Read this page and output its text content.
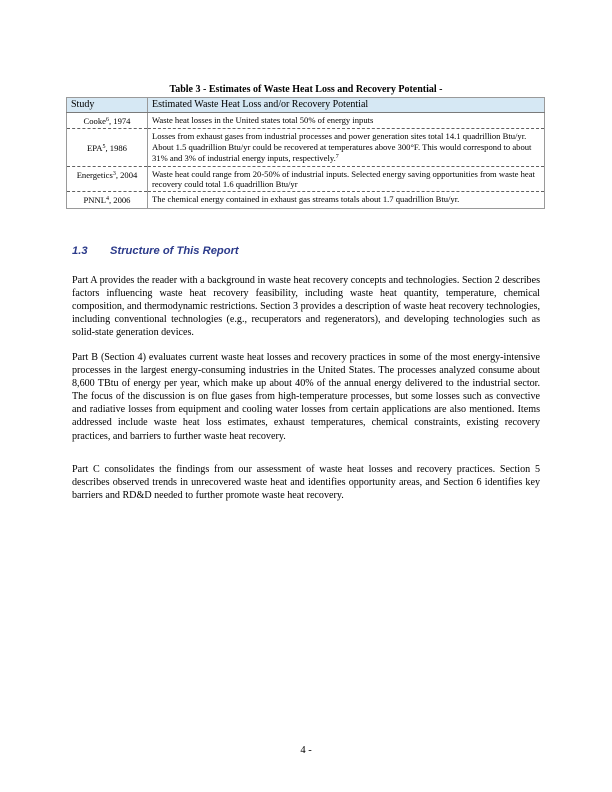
Table 3 - Estimates of Waste Heat Loss and Recovery Potential -
Study	Estimated Waste Heat Loss and/or Recovery Potential
Cooke$^6$, 1974	Waste heat losses in the United states total 50% of energy inputs
EPA$^5$, 1986	Losses from exhaust gases from industrial processes and power generation sites total 14.1 quadrillion Btu/yr. About 1.5 quadrillion Btu/yr could be recovered at temperatures above 300°F. This would correspond to about 31% and 3% of industrial energy inputs, respectively.$^7$
Energetics$^3$, 2004	Waste heat could range from 20-50% of industrial inputs. Selected energy saving opportunities from waste heat recovery could total 1.6 quadrillion Btu/yr
PNNL$^4$, 2006	The chemical energy contained in exhaust gas streams totals about 1.7 quadrillion Btu/yr.
1.3 Structure of This Report

Part A provides the reader with a background in waste heat recovery concepts and technologies. Section 2 describes factors influencing waste heat recovery feasibility, including waste heat quantity, temperature, chemical composition, and thermodynamic restrictions. Section 3 provides a description of waste heat recovery technologies, including conventional technologies (e.g., recuperators and regenerators), and developing technologies such as solid-state generation devices.

Part B (Section 4) evaluates current waste heat losses and recovery practices in some of the most energy-intensive processes in the largest energy-consuming industries in the United States. The processes analyzed consume about 8,600 TBtu of energy per year, which make up about 40% of the annual energy delivered to the industrial sector. The focus of the discussion is on flue gases from high-temperature processes, but some losses such as convective and radiative losses from equipment and cooling water losses from certain applications are also mentioned. Items addressed include waste heat loss estimates, exhaust temperatures, chemical constraints, existing recovery practices, and barriers to further waste heat recovery.

Part C consolidates the findings from our assessment of waste heat losses and recovery practices. Section 5 describes observed trends in unrecovered waste heat and identifies opportunity areas, and Section 6 identifies key barriers and RD&D needed to further promote waste heat recovery.

4 -
